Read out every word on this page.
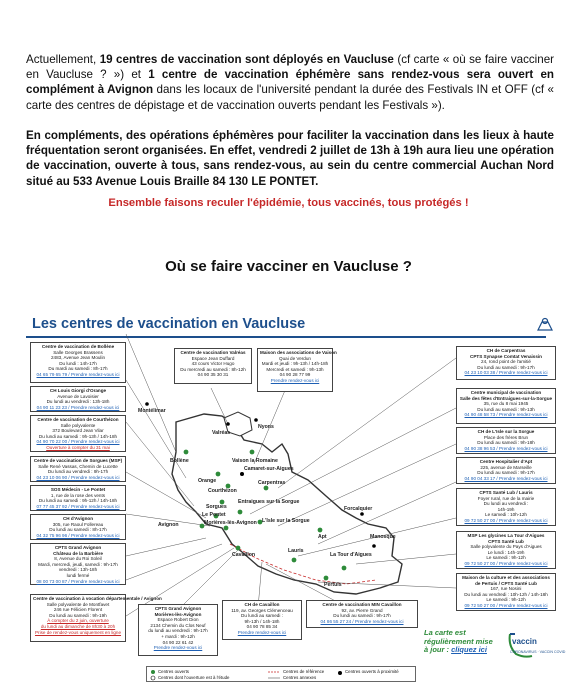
Actuellement, 19 centres de vaccination sont déployés en Vaucluse (cf carte « où se faire vacciner en Vaucluse ? ») et 1 centre de vaccination éphémère sans rendez-vous sera ouvert en complément à Avignon dans les locaux de l'université pendant la durée des Festivals IN et OFF (cf « carte des centres de dépistage et de vaccination ouverts pendant les Festivals »).

En compléments, des opérations éphémères pour faciliter la vaccination dans les lieux à haute fréquentation seront organisées. En effet, vendredi 2 juillet de 13h à 19h aura lieu une opération de vaccination, ouverte à tous, sans rendez-vous, au sein du centre commercial Auchan Nord situé au 533 Avenue Louis Braille 84 130 LE PONTET.

Ensemble faisons reculer l'épidémie, tous vaccinés, tous protégés !

Où se faire vacciner en Vaucluse ?
Les centres de vaccination en Vaucluse
Montélimar
Valréas
Nyons
Bollène	Vaison la Romaine
Camaret-sur-Aigues
Orange	Carpentras
Courthézon
Sorgues
Entraigues sur la Sorgue
Le Pontet
Avignon	Morières-lès-Avignon L'Isle sur la Sorgue
Apt
Forcalquier
Cavaillon
Lauris
Pertuis
La Tour d'Aigues
Manosque
Centre de vaccination de Bollène
Salle Georges Brassens
2483, Avenue Jean Moulin
Du lundi : 14h-17h
Du mardi au samedi : 8h-17h
04 65 79 65 79 / Prendre rendez-vous ici
CH Louis Giorgi d'Orange
Avenue de Lavoisier
Du lundi au vendredi : 13h-18h
04 90 11 23 23 / Prendre rendez-vous ici
Centre de vaccination de Courthézon
Salle polyvalente
372 Boulevard Jean Vilar
Du lundi au samedi : 9h-13h / 14h-18h
04 90 70 22 00 / Prendre rendez-vous ici
Ouverture à compter du 31 mai
Centre de vaccination de Sorgues (MSP)
Salle René Vassas, Chemin de Lucette
Du lundi au vendredi : 9h-17h
04 23 10 06 90 / Prendre rendez-vous ici
SOS Médecin - Le Pontet
1, rue de la rose des vents
Du lundi au samedi : 9h-12h / 14h-18h
07 77 45 37 92 / Prendre rendez-vous ici
CH d'Avignon
305, rue Raoul Follereau
Du lundi au samedi : 8h-17h
04 32 75 96 96 / Prendre rendez-vous ici
CPTS Grand Avignon
Château de la Barbière
8, Avenue du Roi Soleil
Mardi, mercredi, jeudi, samedi : 9h-17h
vendredi : 13h-18h
lundi fermé
08 00 73 00 87 / Prendre rendez-vous ici
Centre de vaccination à vocation départementale / Avignon
Salle polyvalente de Montfavet
246 rue Félicien Florent
Du lundi au samedi : 9h-19h
À compter du 2 juin, ouverture
du lundi au dimanche de 8h30 à 20h
Prise de rendez-vous uniquement en ligne
Centre de vaccination Valréas
Espace Jean Duffard
43 cours Victor Hugo
Du mercredi au samedi : 8h-12h
04 90 35 30 31
Maison des associations de Vaison
Quai de Verdun
Mardi et jeudi : 9h-13h / 14h-18h
Mercredi et samedi : 9h-13h
04 90 28 77 99
Prendre rendez-vous ici
CH de Carpentras
CPTS Synapse Comtat Venaissin
24, rond point de l'amitié
Du lundi au samedi : 9h-17h
04 23 10 03 38 / Prendre rendez-vous ici
Centre municipal de vaccination
Salle des fêtes d'Entraigues-sur-la-Sorgue
35, rue du 8 mai 1945
Du lundi au samedi : 9h-13h
04 90 48 58 73 / Prendre rendez-vous ici
CH de L'Isle sur la Sorgue
Place des frères Brun
Du lundi au samedi : 9h-18h
04 90 38 96 53 / Prendre rendez-vous ici
Centre Hospitalier d'Apt
225, avenue de Marseille
Du lundi au samedi : 9h-17h
04 90 04 33 17 / Prendre rendez-vous ici
CPTS Santé Lub / Lauris
Foyer rural, rue de la mairie
Du lundi au vendredi :
14h-19h
Le samedi : 10h-12h
09 72 50 27 00 / Prendre rendez-vous ici
MSP Les glycines La Tour d'Aigues
CPTS Santé Lub
Salle polyvalente du Pays d'Aigues
Le lundi : 14h-19h
Le samedi : 9h-12h
09 72 50 27 00 / Prendre rendez-vous ici
Maison de la culture et des associations
de Pertuis / CPTS Santé Lub
167, rue Nosini
Du lundi au vendredi : 10h-12h / 14h-18h
Le samedi : 9h-12h
09 72 50 27 00 / Prendre rendez-vous ici
CPTS Grand Avignon
Morières-lès-Avignon
Espace Robert Dion
2134 Chemin du Clos Neuf
du lundi au vendredi : 9h-17h
+ mardi : 9h-12h
04 90 22 61 42
Prendre rendez-vous ici
CH de Cavaillon
119, av. Georges Clémenceau
Du lundi au samedi :
9h-13h / 14h-18h
04 90 78 85 34
Prendre rendez-vous ici
Centre de vaccination MIN Cavaillon
92, av. Pierre Grand
Du lundi au samedi : 9h-17h
04 86 55 27 24 / Prendre rendez-vous ici
Centres ouverts
Centres dont l'ouverture est à l'étude
Centres de référence
Centres annexes
Centres ouverts à proximité
La carte est
régulièrement mise
à jour : cliquez ici
vaccin
CORONAVIRUS · VACCIN COVID
